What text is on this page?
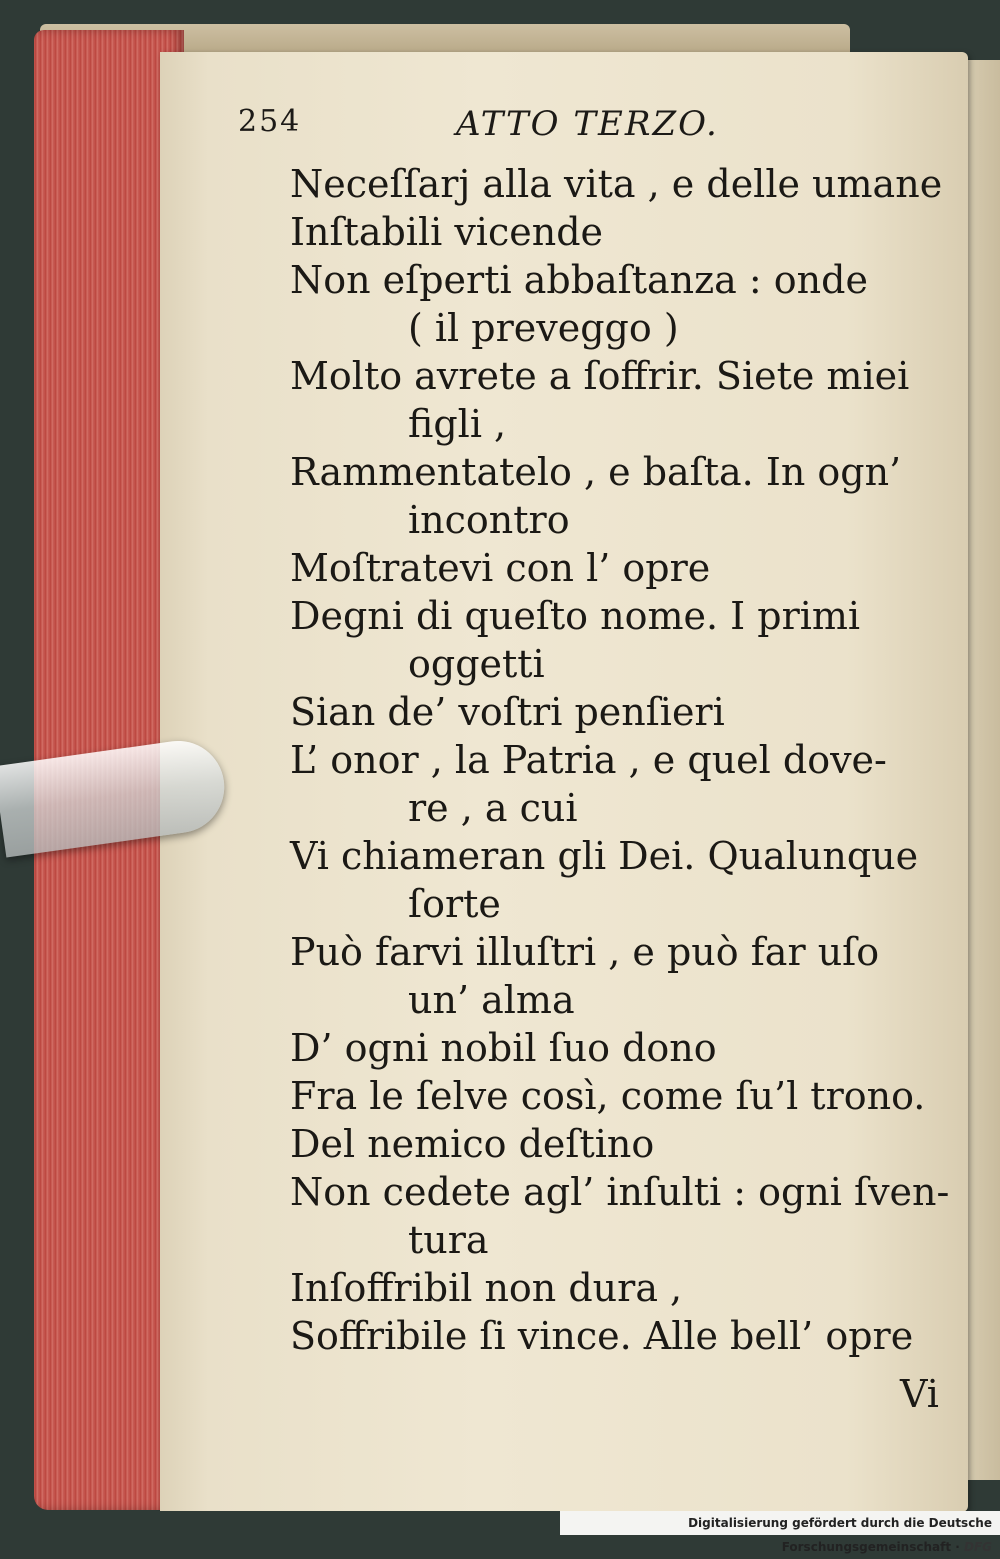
254	ATTO TERZO.
Neceſſarj alla vita , e delle umane
Inſtabili vicende
Non eſperti abbaſtanza : onde
( il preveggo )
Molto avrete a ſoffrir. Siete miei
figli ,
Rammentatelo , e baſta. In ogn’
incontro
Moſtratevi con l’ opre
Degni di queſto nome. I primi
oggetti
Sian de’ voſtri penſieri
L’ onor , la Patria , e quel dove-
re , a cui
Vi chiameran gli Dei. Qualunque
ſorte
Può farvi illuſtri , e può far uſo
un’ alma
D’ ogni nobil ſuo dono
Fra le ſelve così, come ſu’l trono.
Del nemico deſtino
Non cedete agl’ inſulti : ogni ſven-
tura
Inſoffribil non dura ,
Soffribile ſi vince. Alle bell’ opre
Vi
Digitalisierung gefördert durch die Deutsche Forschungsgemeinschaft · DFG
